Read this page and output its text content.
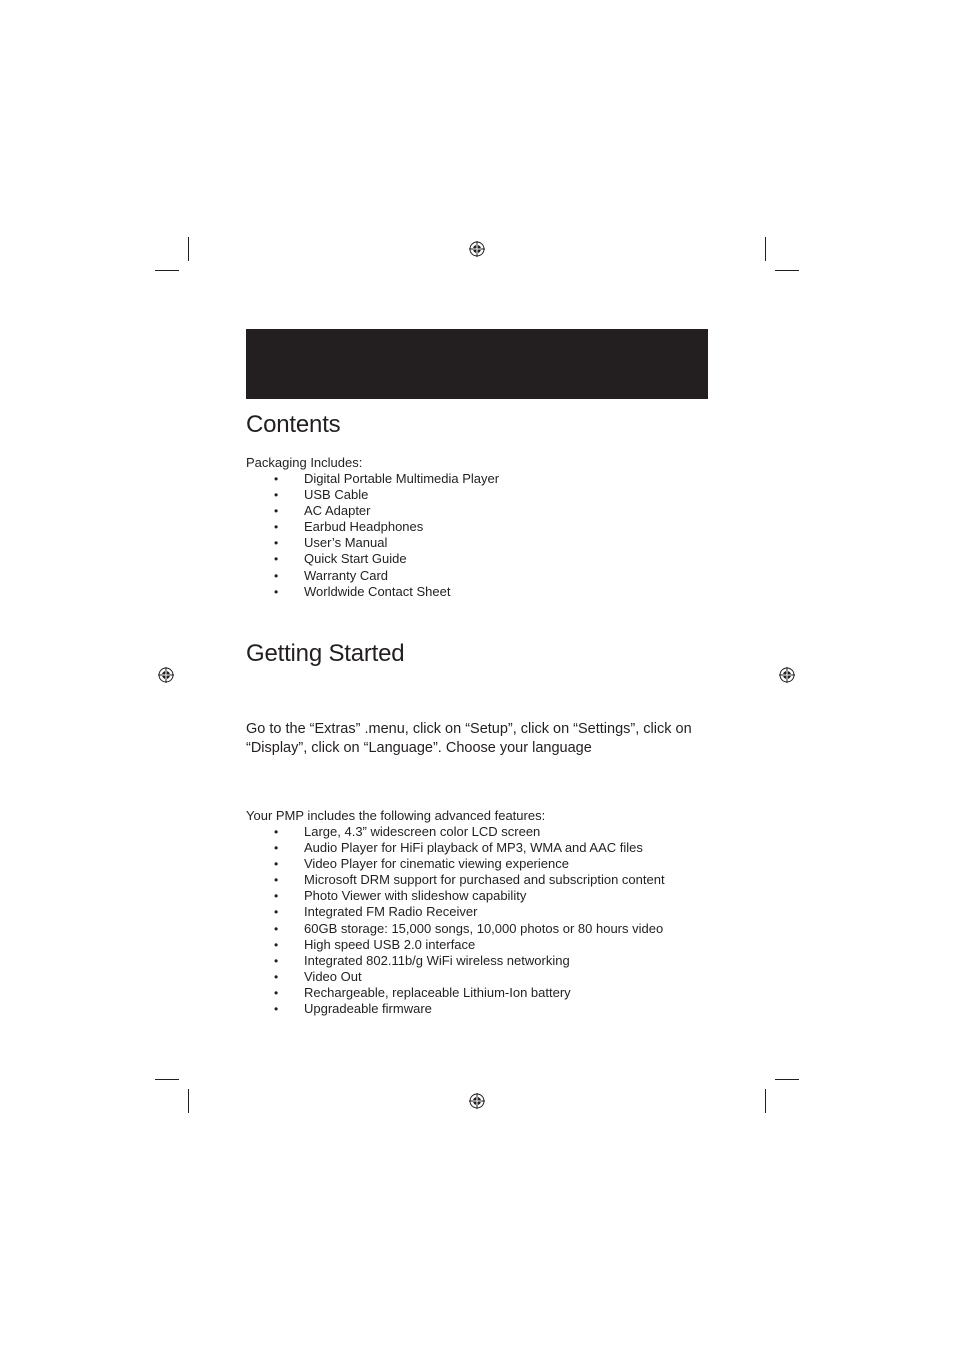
Contents

Packaging Includes:

• Digital Portable Multimedia Player
• USB Cable
• AC Adapter
• Earbud Headphones
• User’s Manual
• Quick Start Guide
• Warranty Card
• Worldwide Contact Sheet
Getting Started

Go to the “Extras” .menu, click on “Setup”, click on “Settings”, click on “Display”, click on “Language”. Choose your language

Your PMP includes the following advanced features:

• Large, 4.3” widescreen color LCD screen
• Audio Player for HiFi playback of MP3, WMA and AAC files
• Video Player for cinematic viewing experience
• Microsoft DRM support for purchased and subscription content
• Photo Viewer with slideshow capability
• Integrated FM Radio Receiver
• 60GB storage: 15,000 songs, 10,000 photos or 80 hours video
• High speed USB 2.0 interface
• Integrated 802.11b/g WiFi wireless networking
• Video Out
• Rechargeable, replaceable Lithium-Ion battery
• Upgradeable firmware
